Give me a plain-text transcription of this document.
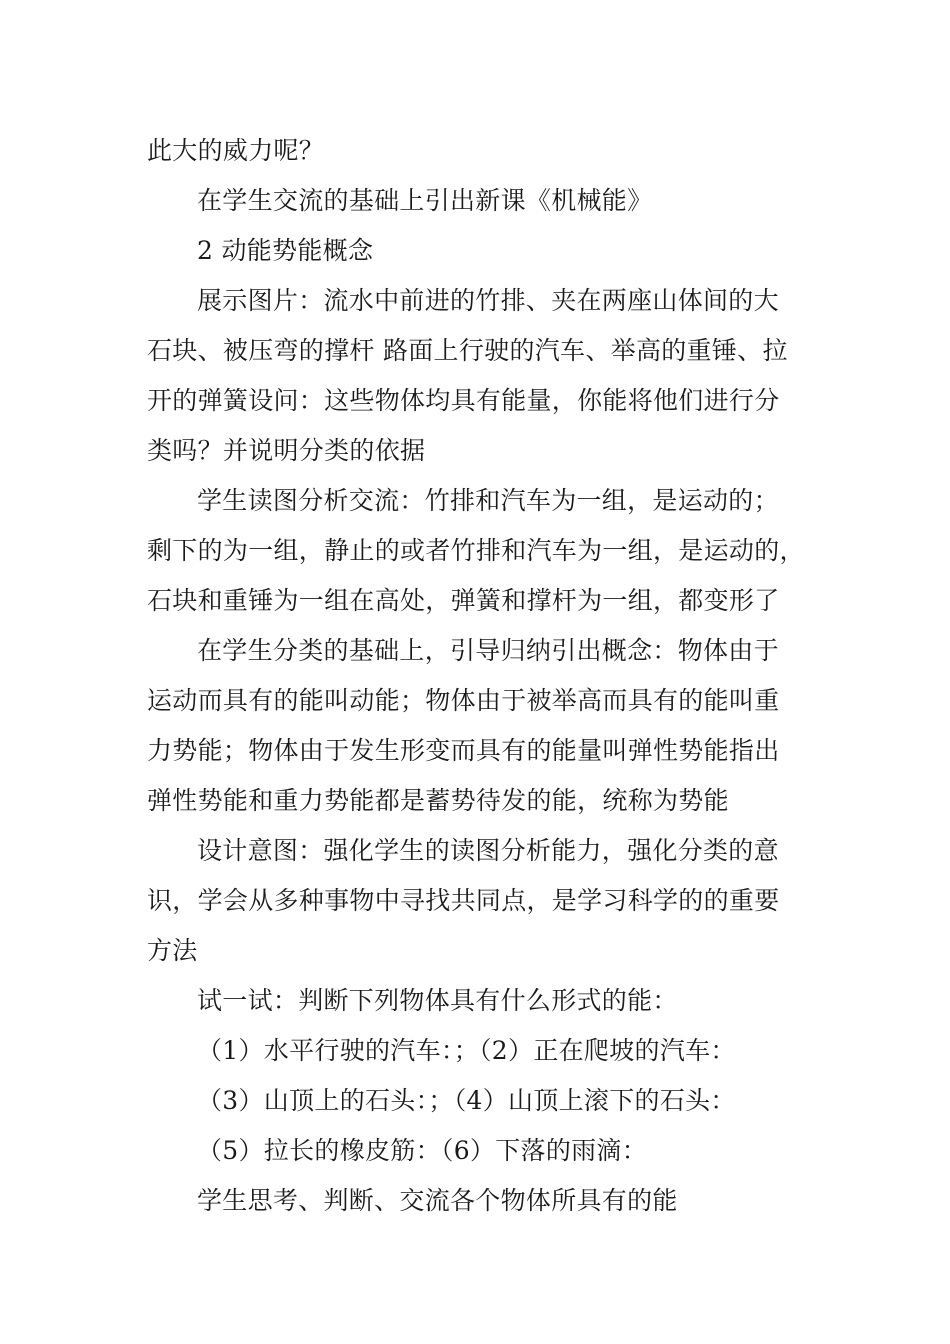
此大的威力呢？
在学生交流的基础上引出新课《机械能》
2 动能势能概念
展示图片：流水中前进的竹排、夹在两座山体间的大
石块、被压弯的撑杆 路面上行驶的汽车、举高的重锤、拉
开的弹簧设问：这些物体均具有能量，你能将他们进行分
类吗？并说明分类的依据
学生读图分析交流：竹排和汽车为一组，是运动的；
剩下的为一组，静止的或者竹排和汽车为一组，是运动的，
石块和重锤为一组在高处，弹簧和撑杆为一组，都变形了
在学生分类的基础上，引导归纳引出概念：物体由于
运动而具有的能叫动能；物体由于被举高而具有的能叫重
力势能；物体由于发生形变而具有的能量叫弹性势能指出
弹性势能和重力势能都是蓄势待发的能，统称为势能
设计意图：强化学生的读图分析能力，强化分类的意
识，学会从多种事物中寻找共同点，是学习科学的的重要
方法
试一试：判断下列物体具有什么形式的能：
（1）水平行驶的汽车：；（2）正在爬坡的汽车：
（3）山顶上的石头：；（4）山顶上滚下的石头：
（5）拉长的橡皮筋：（6）下落的雨滴：
学生思考、判断、交流各个物体所具有的能
